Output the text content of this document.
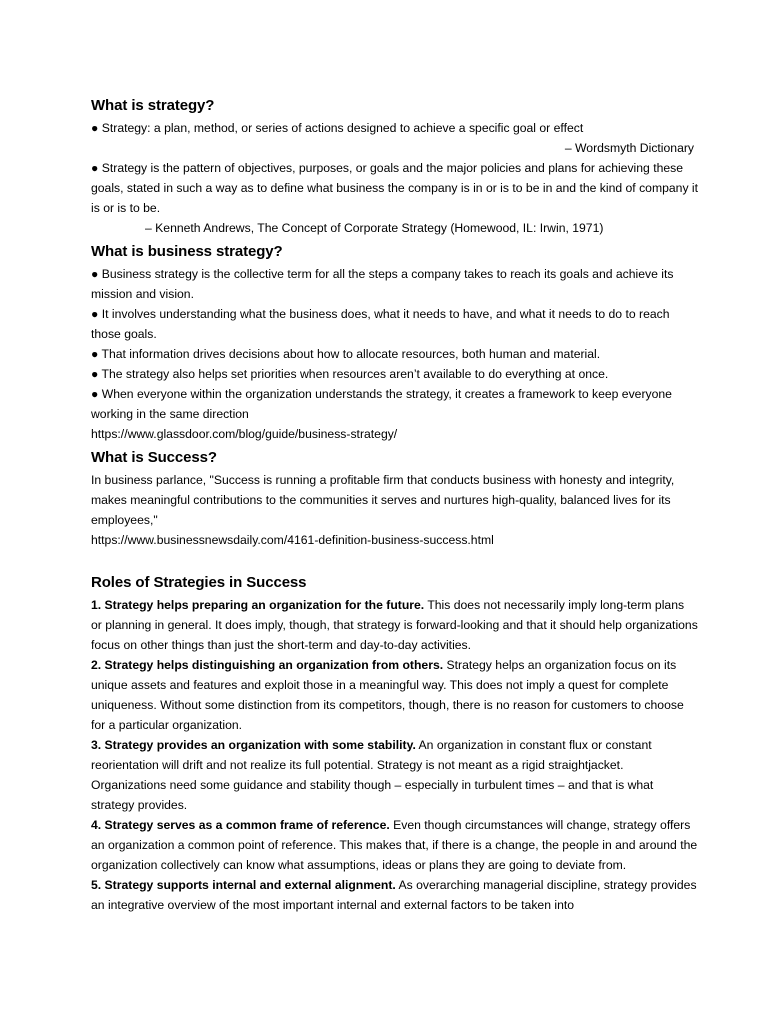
What is strategy?

● Strategy: a plan, method, or series of actions designed to achieve a specific goal or effect

– Wordsmyth Dictionary

● Strategy is the pattern of objectives, purposes, or goals and the major policies and plans for achieving these goals, stated in such a way as to define what business the company is in or is to be in and the kind of company it is or is to be.

– Kenneth Andrews, The Concept of Corporate Strategy (Homewood, IL: Irwin, 1971)

What is business strategy?

● Business strategy is the collective term for all the steps a company takes to reach its goals and achieve its mission and vision.

● It involves understanding what the business does, what it needs to have, and what it needs to do to reach those goals.

● That information drives decisions about how to allocate resources, both human and material.

● The strategy also helps set priorities when resources aren’t available to do everything at once.

● When everyone within the organization understands the strategy, it creates a framework to keep everyone working in the same direction

https://www.glassdoor.com/blog/guide/business-strategy/

What is Success?

In business parlance, "Success is running a profitable firm that conducts business with honesty and integrity, makes meaningful contributions to the communities it serves and nurtures high-quality, balanced lives for its employees,"

https://www.businessnewsdaily.com/4161-definition-business-success.html

Roles of Strategies in Success

1. Strategy helps preparing an organization for the future. This does not necessarily imply long-term plans or planning in general. It does imply, though, that strategy is forward-looking and that it should help organizations focus on other things than just the short-term and day-to-day activities.

2. Strategy helps distinguishing an organization from others. Strategy helps an organization focus on its unique assets and features and exploit those in a meaningful way. This does not imply a quest for complete uniqueness. Without some distinction from its competitors, though, there is no reason for customers to choose for a particular organization.

3. Strategy provides an organization with some stability. An organization in constant flux or constant reorientation will drift and not realize its full potential. Strategy is not meant as a rigid straightjacket. Organizations need some guidance and stability though – especially in turbulent times – and that is what strategy provides.

4. Strategy serves as a common frame of reference. Even though circumstances will change, strategy offers an organization a common point of reference. This makes that, if there is a change, the people in and around the organization collectively can know what assumptions, ideas or plans they are going to deviate from.

5. Strategy supports internal and external alignment. As overarching managerial discipline, strategy provides an integrative overview of the most important internal and external factors to be taken into
